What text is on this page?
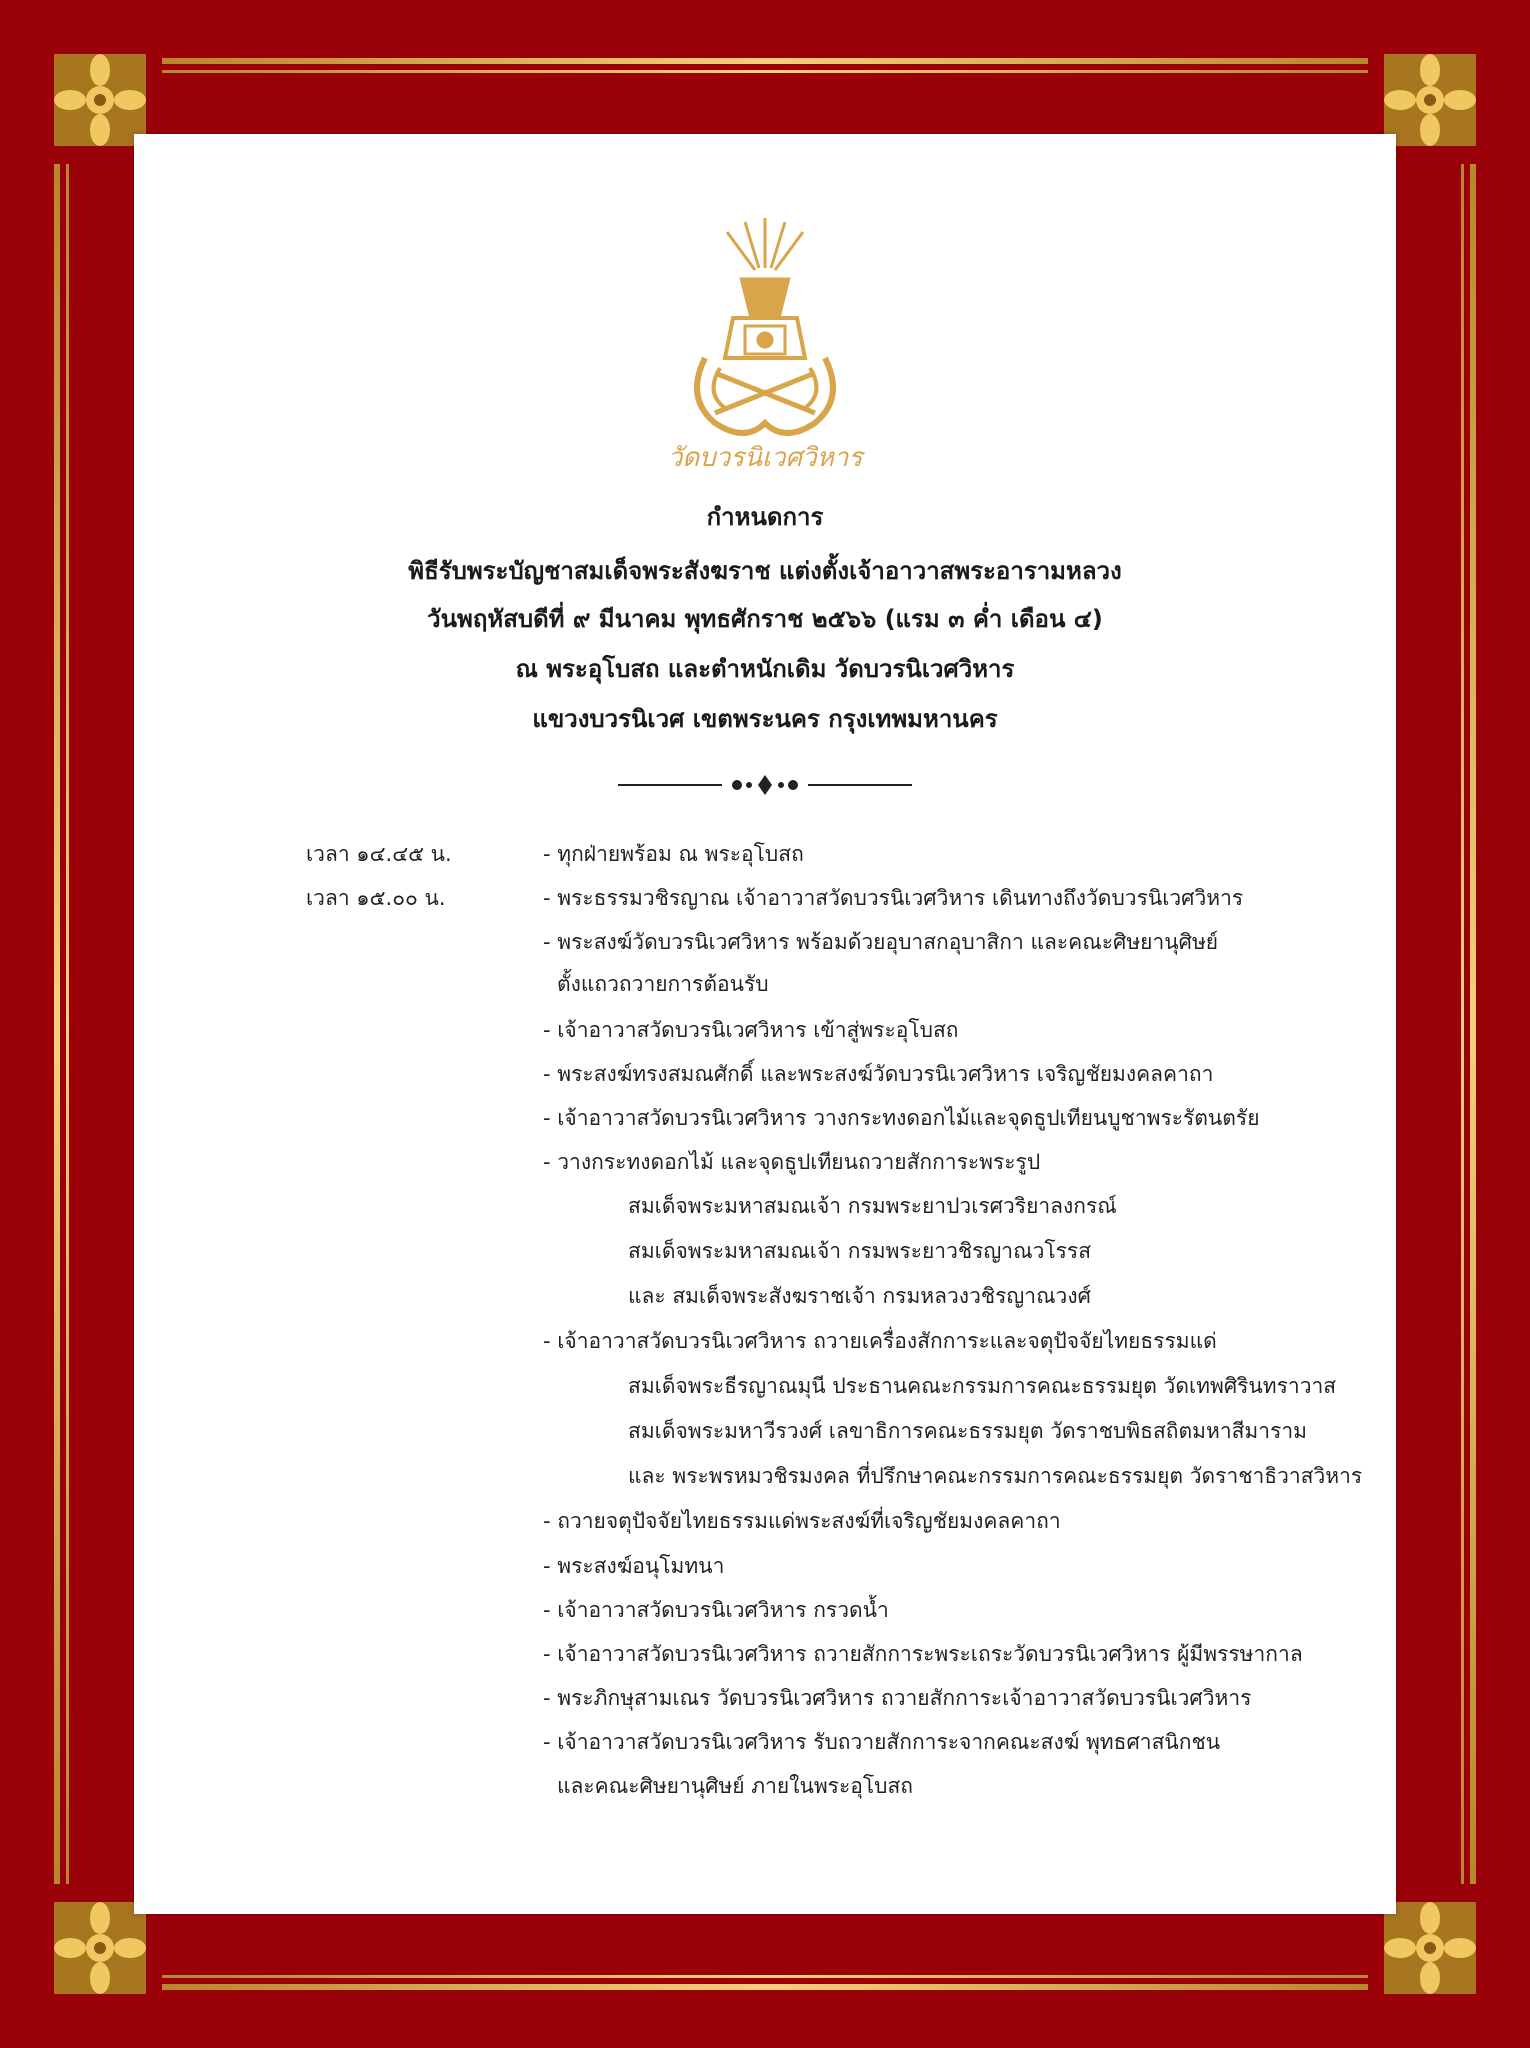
วัดบวรนิเวศวิหาร
กำหนดการ
พิธีรับพระบัญชาสมเด็จพระสังฆราช แต่งตั้งเจ้าอาวาสพระอารามหลวง
วันพฤหัสบดีที่ ๙ มีนาคม พุทธศักราช ๒๕๖๖ (แรม ๓ ค่ำ เดือน ๔)
ณ พระอุโบสถ และตำหนักเดิม วัดบวรนิเวศวิหาร
แขวงบวรนิเวศ เขตพระนคร กรุงเทพมหานคร
เวลา ๑๔.๔๕ น.
เวลา ๑๕.๐๐ น.
- ทุกฝ่ายพร้อม ณ พระอุโบสถ
- พระธรรมวชิรญาณ เจ้าอาวาสวัดบวรนิเวศวิหาร เดินทางถึงวัดบวรนิเวศวิหาร
- พระสงฆ์วัดบวรนิเวศวิหาร พร้อมด้วยอุบาสกอุบาสิกา และคณะศิษยานุศิษย์
ตั้งแถวถวายการต้อนรับ
- เจ้าอาวาสวัดบวรนิเวศวิหาร เข้าสู่พระอุโบสถ
- พระสงฆ์ทรงสมณศักดิ์ และพระสงฆ์วัดบวรนิเวศวิหาร เจริญชัยมงคลคาถา
- เจ้าอาวาสวัดบวรนิเวศวิหาร วางกระทงดอกไม้และจุดธูปเทียนบูชาพระรัตนตรัย
- วางกระทงดอกไม้ และจุดธูปเทียนถวายสักการะพระรูป
สมเด็จพระมหาสมณเจ้า กรมพระยาปวเรศวริยาลงกรณ์
สมเด็จพระมหาสมณเจ้า กรมพระยาวชิรญาณวโรรส
และ สมเด็จพระสังฆราชเจ้า กรมหลวงวชิรญาณวงศ์
- เจ้าอาวาสวัดบวรนิเวศวิหาร ถวายเครื่องสักการะและจตุปัจจัยไทยธรรมแด่
สมเด็จพระธีรญาณมุนี ประธานคณะกรรมการคณะธรรมยุต วัดเทพศิรินทราวาส
สมเด็จพระมหาวีรวงศ์ เลขาธิการคณะธรรมยุต วัดราชบพิธสถิตมหาสีมาราม
และ พระพรหมวชิรมงคล ที่ปรึกษาคณะกรรมการคณะธรรมยุต วัดราชาธิวาสวิหาร
- ถวายจตุปัจจัยไทยธรรมแด่พระสงฆ์ที่เจริญชัยมงคลคาถา
- พระสงฆ์อนุโมทนา
- เจ้าอาวาสวัดบวรนิเวศวิหาร กรวดน้ำ
- เจ้าอาวาสวัดบวรนิเวศวิหาร ถวายสักการะพระเถระวัดบวรนิเวศวิหาร ผู้มีพรรษากาล
- พระภิกษุสามเณร วัดบวรนิเวศวิหาร ถวายสักการะเจ้าอาวาสวัดบวรนิเวศวิหาร
- เจ้าอาวาสวัดบวรนิเวศวิหาร รับถวายสักการะจากคณะสงฆ์ พุทธศาสนิกชน
และคณะศิษยานุศิษย์ ภายในพระอุโบสถ
